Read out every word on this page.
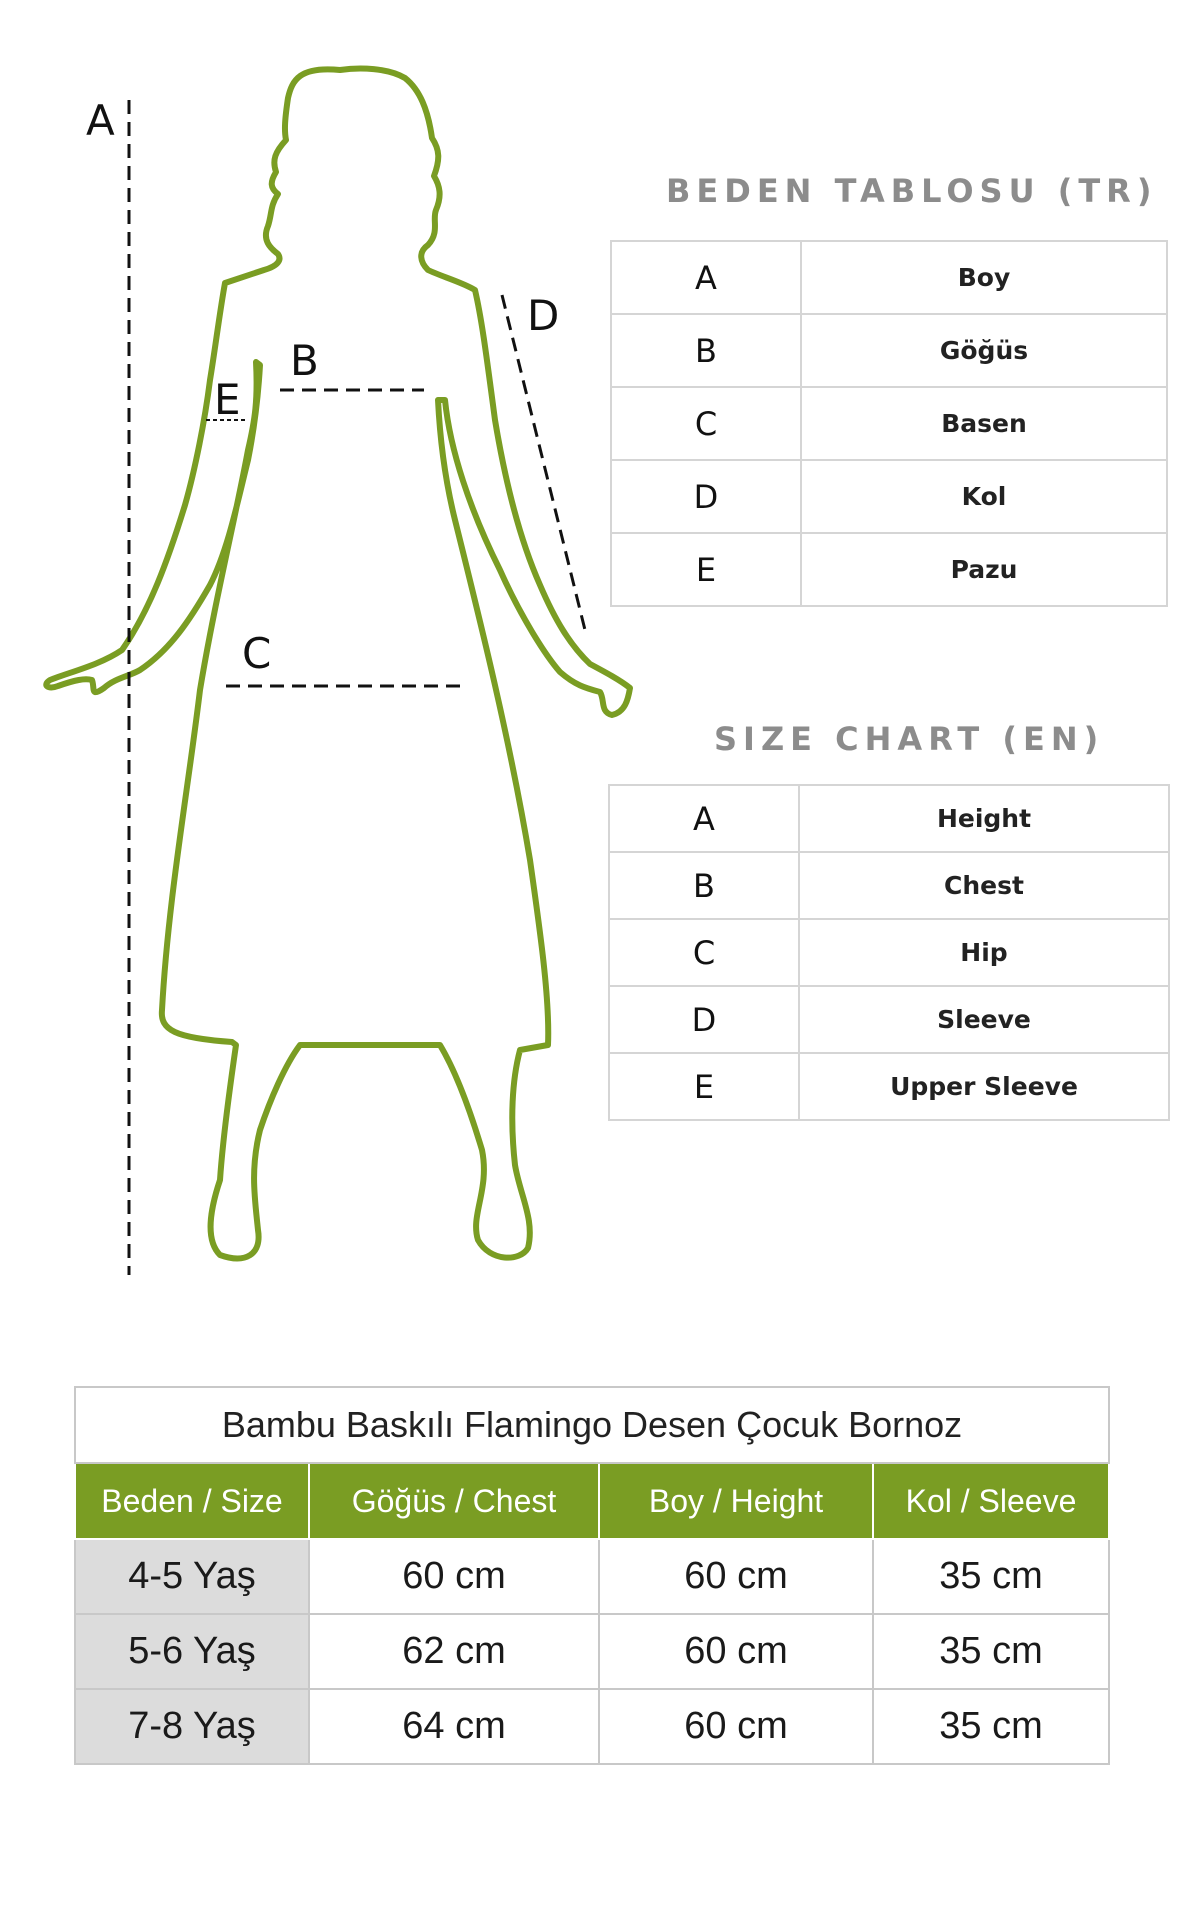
A
B
C
D
E
BEDEN TABLOSU (TR)
A	Boy
B	Göğüs
C	Basen
D	Kol
E	Pazu
SIZE CHART (EN)
A	Height
B	Chest
C	Hip
D	Sleeve
E	Upper Sleeve
Bambu Baskılı Flamingo Desen Çocuk Bornoz			
Beden / Size	Göğüs / Chest	Boy / Height	Kol / Sleeve
4-5 Yaş	60 cm	60 cm	35 cm
5-6 Yaş	62 cm	60 cm	35 cm
7-8 Yaş	64 cm	60 cm	35 cm
